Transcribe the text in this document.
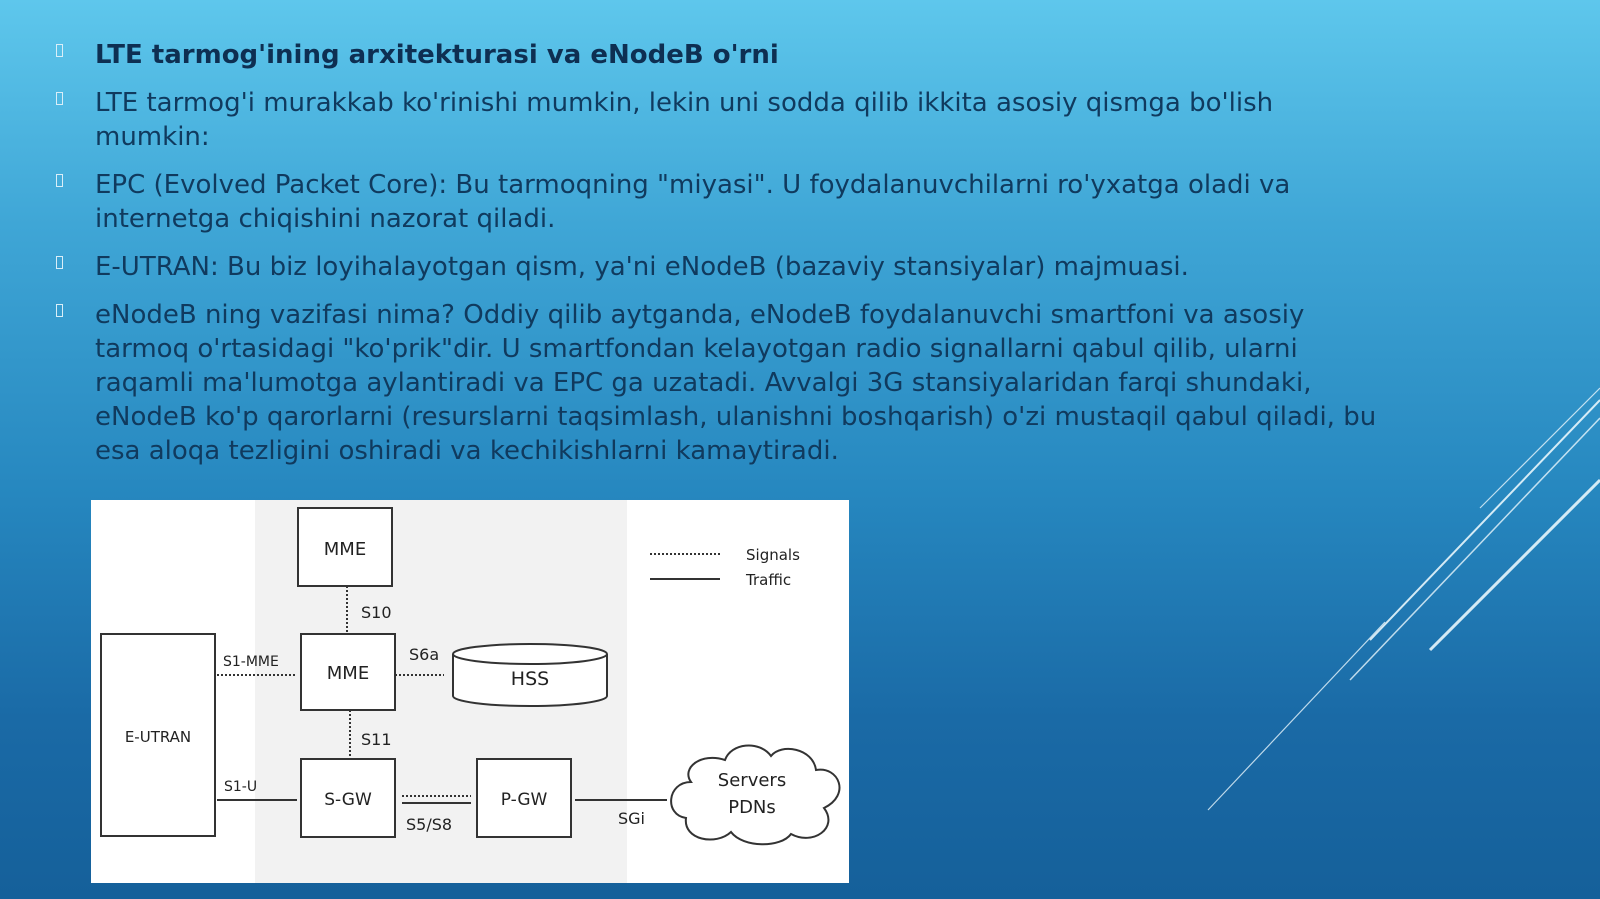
LTE tarmog'ining arxitekturasi va eNodeB o'rni
LTE tarmog'i murakkab ko'rinishi mumkin, lekin uni sodda qilib ikkita asosiy qismga bo'lish mumkin:
EPC (Evolved Packet Core): Bu tarmoqning "miyasi". U foydalanuvchilarni ro'yxatga oladi va internetga chiqishini nazorat qiladi.
E-UTRAN: Bu biz loyihalayotgan qism, ya'ni eNodeB (bazaviy stansiyalar) majmuasi.
eNodeB ning vazifasi nima? Oddiy qilib aytganda, eNodeB foydalanuvchi smartfoni va asosiy tarmoq o'rtasidagi "ko'prik"dir. U smartfondan kelayotgan radio signallarni qabul qilib, ularni raqamli ma'lumotga aylantiradi va EPC ga uzatadi. Avvalgi 3G stansiyalaridan farqi shundaki, eNodeB ko'p qarorlarni (resurslarni taqsimlash, ulanishni boshqarish) o'zi mustaqil qabul qiladi, bu esa aloqa tezligini oshiradi va kechikishlarni kamaytiradi.
MME
MME	HSS
E-UTRAN
S-GW	P-GW
Servers
PDNs
S10
S1-MME	S6a
S11
S1-U
S5/S8	SGi
Signals
Traffic
